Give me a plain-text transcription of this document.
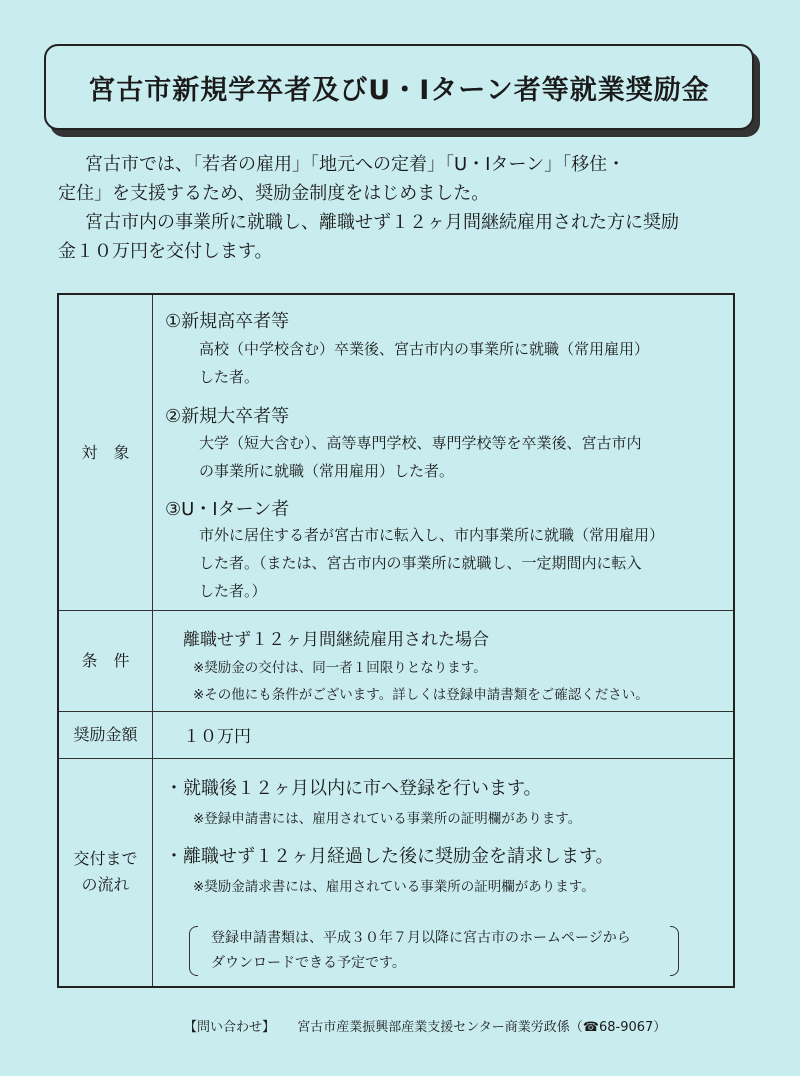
宮古市新規学卒者及びU・Iターン者等就業奨励金

宮古市では、「若者の雇用」「地元への定着」「U・Iターン」「移住・

定住」を支援するため、奨励金制度をはじめました。

宮古市内の事業所に就職し、離職せず１２ヶ月間継続雇用された方に奨励

金１０万円を交付します。
対　象
①新規高卒者等
高校（中学校含む）卒業後、宮古市内の事業所に就職（常用雇用）
した者。
②新規大卒者等
大学（短大含む）、高等専門学校、専門学校等を卒業後、宮古市内
の事業所に就職（常用雇用）した者。
③U・Iターン者
市外に居住する者が宮古市に転入し、市内事業所に就職（常用雇用）
した者。（または、宮古市内の事業所に就職し、一定期間内に転入
した者。）
条　件
離職せず１２ヶ月間継続雇用された場合
※奨励金の交付は、同一者１回限りとなります。
※その他にも条件がございます。詳しくは登録申請書類をご確認ください。
奨励金額	１０万円
交付まで
の流れ
・就職後１２ヶ月以内に市へ登録を行います。
※登録申請書には、雇用されている事業所の証明欄があります。
・離職せず１２ヶ月経過した後に奨励金を請求します。
※奨励金請求書には、雇用されている事業所の証明欄があります。
登録申請書類は、平成３０年７月以降に宮古市のホームページから
ダウンロードできる予定です。
【問い合わせ】 宮古市産業振興部産業支援センター商業労政係（☎68-9067）
